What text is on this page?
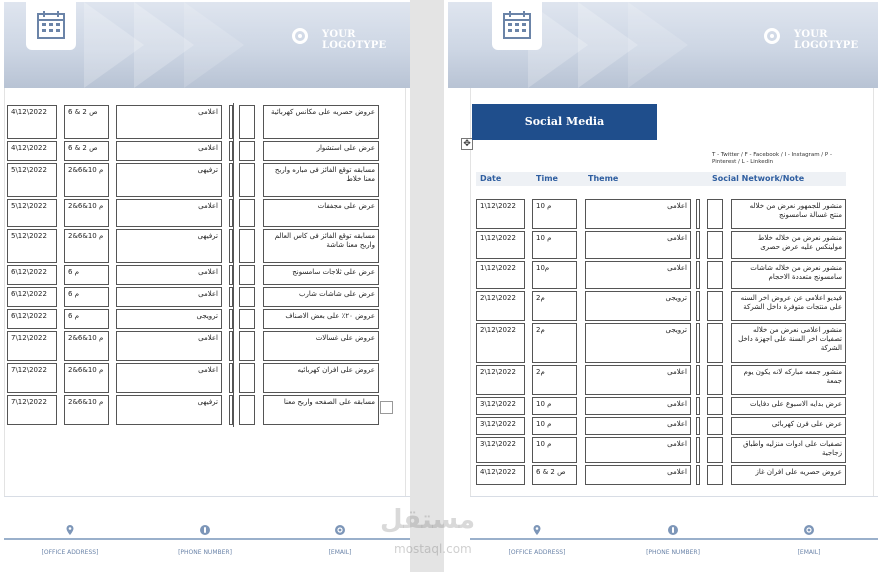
YOUR LOGOTYPE
4\12\2022	ص 2 & 6	اعلامى	عروض حصريه على مكانس كهربائية
4\12\2022	ص 2 & 6	اعلامى	عرض على استشوار
5\12\2022	2&6&10 م	ترفيهى	مسابقه توقع الفائز فى مباره واربح معنا خلاط
5\12\2022	2&6&10 م	اعلامى	عرض على مجففات
5\12\2022	2&6&10 م	ترفيهى	مسابقه توقع الفائز فى كاس العالم واربح معنا شاشة
6\12\2022	م 6	اعلامى	عرض على ثلاجات سامسونج
6\12\2022	م 6	اعلامى	عرض على شاشات شارب
6\12\2022	م 6	ترويجى	عروض ٢٠٪ على بعض الاصناف
7\12\2022	2&6&10 م	اعلامى	عروض على غسالات
7\12\2022	2&6&10 م	اعلامى	عروض على افران كهربائيه
7\12\2022	2&6&10 م	ترفيهى	مسابقه على الصفحه واربح معنا
[OFFICE ADDRESS]	[PHONE NUMBER]	[EMAIL]
YOUR LOGOTYPE
✥
Social Media
T - Twitter / F - Facebook / I - Instagram / P - Pinterest / L - Linkedin
Date	Time	Theme	Social Network/Note
1\12\2022	م 10	اعلامى	منشور للجمهور نعرض من خلاله منتج غسالة سامسونج
1\12\2022	م 10	اعلامى	منشور نعرض من خلاله خلاط مولينكس عليه عرض حصرى
1\12\2022	10م	اعلامى	منشور نعرض من خلاله شاشات سامسونج متعددة الاحجام
2\12\2022	م2	ترويجى	فيديو اعلامى عن عروض اخر السنه على منتجات متوفرة داخل الشركة
2\12\2022	م2	ترويجى	منشور اعلامى نعرض من خلاله تصفيات اخر السنة على اجهزة داخل الشركة
2\12\2022	م2	اعلامى	منشور جمعه مباركه لانه يكون يوم جمعة
3\12\2022	م 10	اعلامى	عرض بدايه الاسبوع على دفايات
3\12\2022	م 10	اعلامى	عرض على فرن كهربائى
3\12\2022	م 10	اعلامى	تصفيات على ادوات منزليه واطباق زجاجية
4\12\2022	ص 2 & 6	اعلامى	عروض حصريه على افران غاز
[OFFICE ADDRESS]	[PHONE NUMBER]	[EMAIL]
مستقل
mostaql.com
